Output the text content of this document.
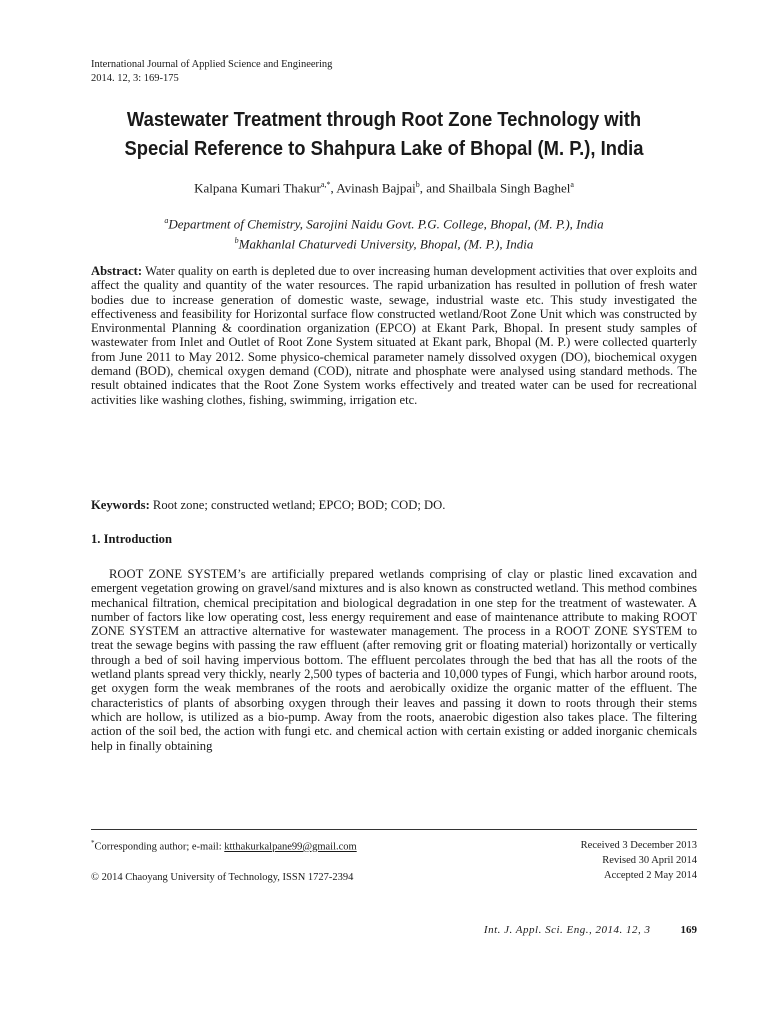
International Journal of Applied Science and Engineering
2014. 12, 3: 169-175
Wastewater Treatment through Root Zone Technology with
Special Reference to Shahpura Lake of Bhopal (M. P.), India
Kalpana Kumari Thakur$^{a,*}$, Avinash Bajpai$^b$, and Shailbala Singh Baghel$^a$
$^a$Department of Chemistry, Sarojini Naidu Govt. P.G. College, Bhopal, (M. P.), India
$^b$Makhanlal Chaturvedi University, Bhopal, (M. P.), India
Abstract: Water quality on earth is depleted due to over increasing human development activities that over exploits and affect the quality and quantity of the water resources. The rapid urbanization has resulted in pollution of fresh water bodies due to increase generation of domestic waste, sewage, industrial waste etc. This study investigated the effectiveness and feasibility for Horizontal surface flow constructed wetland/Root Zone Unit which was constructed by Environmental Planning & coordination organization (EPCO) at Ekant Park, Bhopal. In present study samples of wastewater from Inlet and Outlet of Root Zone System situated at Ekant park, Bhopal (M. P.) were collected quarterly from June 2011 to May 2012. Some physico-chemical parameter namely dissolved oxygen (DO), biochemical oxygen demand (BOD), chemical oxygen demand (COD), nitrate and phosphate were analysed using standard methods. The result obtained indicates that the Root Zone System works effectively and treated water can be used for recreational activities like washing clothes, fishing, swimming, irrigation etc.
Keywords: Root zone; constructed wetland; EPCO; BOD; COD; DO.
1. Introduction
ROOT ZONE SYSTEM’s are artificially prepared wetlands comprising of clay or plastic lined excavation and emergent vegetation growing on gravel/sand mixtures and is also known as constructed wetland. This method combines mechanical filtration, chemical precipitation and biological degradation in one step for the treatment of wastewater. A number of factors like low operating cost, less energy requirement and ease of maintenance attribute to making ROOT ZONE SYSTEM an attractive alternative for wastewater management. The process in a ROOT ZONE SYSTEM to treat the sewage begins with passing the raw effluent (after removing grit or floating material) horizontally or vertically through a bed of soil having impervious bottom. The effluent percolates through the bed that has all the roots of the wetland plants spread very thickly, nearly 2,500 types of bacteria and 10,000 types of Fungi, which harbor around roots, get oxygen form the weak membranes of the roots and aerobically oxidize the organic matter of the effluent. The characteristics of plants of absorbing oxygen through their leaves and passing it down to roots through their stems which are hollow, is utilized as a bio-pump. Away from the roots, anaerobic digestion also takes place. The filtering action of the soil bed, the action with fungi etc. and chemical action with certain existing or added inorganic chemicals help in finally obtaining
*Corresponding author; e-mail: ktthakurkalpane99@gmail.com
© 2014 Chaoyang University of Technology, ISSN 1727-2394
Received 3 December 2013
Revised 30 April 2014
Accepted 2 May 2014
Int. J. Appl. Sci. Eng., 2014. 12, 3	169
